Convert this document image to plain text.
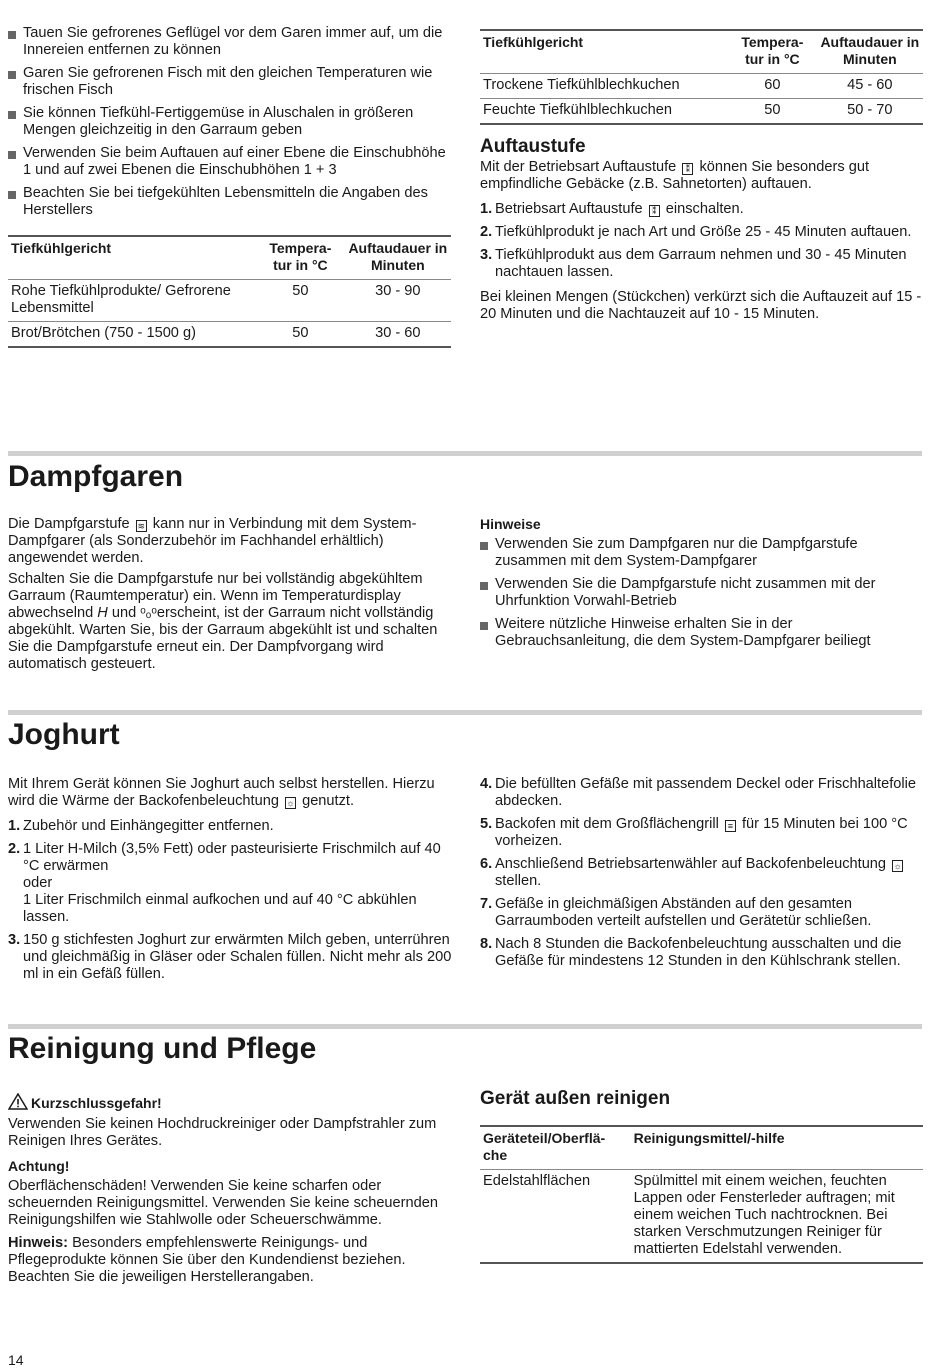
Tauen Sie gefrorenes Geflügel vor dem Garen immer auf, um die Innereien entfernen zu können
Garen Sie gefrorenen Fisch mit den gleichen Temperaturen wie frischen Fisch
Sie können Tiefkühl-Fertiggemüse in Aluschalen in größeren Mengen gleichzeitig in den Garraum geben
Verwenden Sie beim Auftauen auf einer Ebene die Einschubhöhe 1 und auf zwei Ebenen die Einschubhöhen 1 + 3
Beachten Sie bei tiefgekühlten Lebensmitteln die Angaben des Herstellers
Tiefkühlgericht	Tempera- tur in °C	Auftaudauer in Minuten
Rohe Tiefkühlprodukte/ Gefrorene Lebensmittel	50	30 - 90
Brot/Brötchen (750 - 1500 g)	50	30 - 60
Tiefkühlgericht	Tempera- tur in °C	Auftaudauer in Minuten
Trockene Tiefkühlblechkuchen	60	45 - 60
Feuchte Tiefkühlblechkuchen	50	50 - 70
Auftaustufe

Mit der Betriebsart Auftaustufe ⁑ können Sie besonders gut empfindliche Gebäcke (z.B. Sahnetorten) auftauen.

1. Betriebsart Auftaustufe ⁑ einschalten.
2. Tiefkühlprodukt je nach Art und Größe 25 - 45 Minuten auftauen.
3. Tiefkühlprodukt aus dem Garraum nehmen und 30 - 45 Minuten nachtauen lassen.

Bei kleinen Mengen (Stückchen) verkürzt sich die Auftauzeit auf 15 - 20 Minuten und die Nachtauzeit auf 10 - 15 Minuten.

Dampfgaren

Die Dampfgarstufe ≋ kann nur in Verbindung mit dem System-Dampfgarer (als Sonderzubehör im Fachhandel erhältlich) angewendet werden.

Schalten Sie die Dampfgarstufe nur bei vollständig abgekühltem Garraum (Raumtemperatur) ein. Wenn im Temperaturdisplay abwechselnd H und ᵒₒᵒerscheint, ist der Garraum nicht vollständig abgekühlt. Warten Sie, bis der Garraum abgekühlt ist und schalten Sie die Dampfgarstufe erneut ein. Der Dampfvorgang wird automatisch gesteuert.

Hinweise
Verwenden Sie zum Dampfgaren nur die Dampfgarstufe zusammen mit dem System-Dampfgarer
Verwenden Sie die Dampfgarstufe nicht zusammen mit der Uhrfunktion Vorwahl-Betrieb
Weitere nützliche Hinweise erhalten Sie in der Gebrauchsanleitung, die dem System-Dampfgarer beiliegt
Joghurt

Mit Ihrem Gerät können Sie Joghurt auch selbst herstellen. Hierzu wird die Wärme der Backofenbeleuchtung ☼ genutzt.

1. Zubehör und Einhängegitter entfernen.
2. 1 Liter H-Milch (3,5% Fett) oder pasteurisierte Frischmilch auf 40 °C erwärmen
oder
1 Liter Frischmilch einmal aufkochen und auf 40 °C abkühlen lassen.
3. 150 g stichfesten Joghurt zur erwärmten Milch geben, unterrühren und gleichmäßig in Gläser oder Schalen füllen. Nicht mehr als 200 ml in ein Gefäß füllen.
4. Die befüllten Gefäße mit passendem Deckel oder Frischhaltefolie abdecken.
5. Backofen mit dem Großflächengrill ≡ für 15 Minuten bei 100 °C vorheizen.
6. Anschließend Betriebsartenwähler auf Backofenbeleuchtung ☼ stellen.
7. Gefäße in gleichmäßigen Abständen auf den gesamten Garraumboden verteilt aufstellen und Gerätetür schließen.
8. Nach 8 Stunden die Backofenbeleuchtung ausschalten und die Gefäße für mindestens 12 Stunden in den Kühlschrank stellen.
Reinigung und Pflege
Kurzschlussgefahr!

Verwenden Sie keinen Hochdruckreiniger oder Dampfstrahler zum Reinigen Ihres Gerätes.

Achtung!

Oberflächenschäden! Verwenden Sie keine scharfen oder scheuernden Reinigungsmittel. Verwenden Sie keine scheuernden Reinigungshilfen wie Stahlwolle oder Scheuerschwämme.

Hinweis: Besonders empfehlenswerte Reinigungs- und Pflegeprodukte können Sie über den Kundendienst beziehen. Beachten Sie die jeweiligen Herstellerangaben.

Gerät außen reinigen
Geräteteil/Oberflä- che	Reinigungsmittel/-hilfe
Edelstahlflächen	Spülmittel mit einem weichen, feuchten Lappen oder Fensterleder auftragen; mit einem weichen Tuch nachtrocknen. Bei starken Verschmutzungen Reiniger für mattierten Edelstahl verwenden.
14
